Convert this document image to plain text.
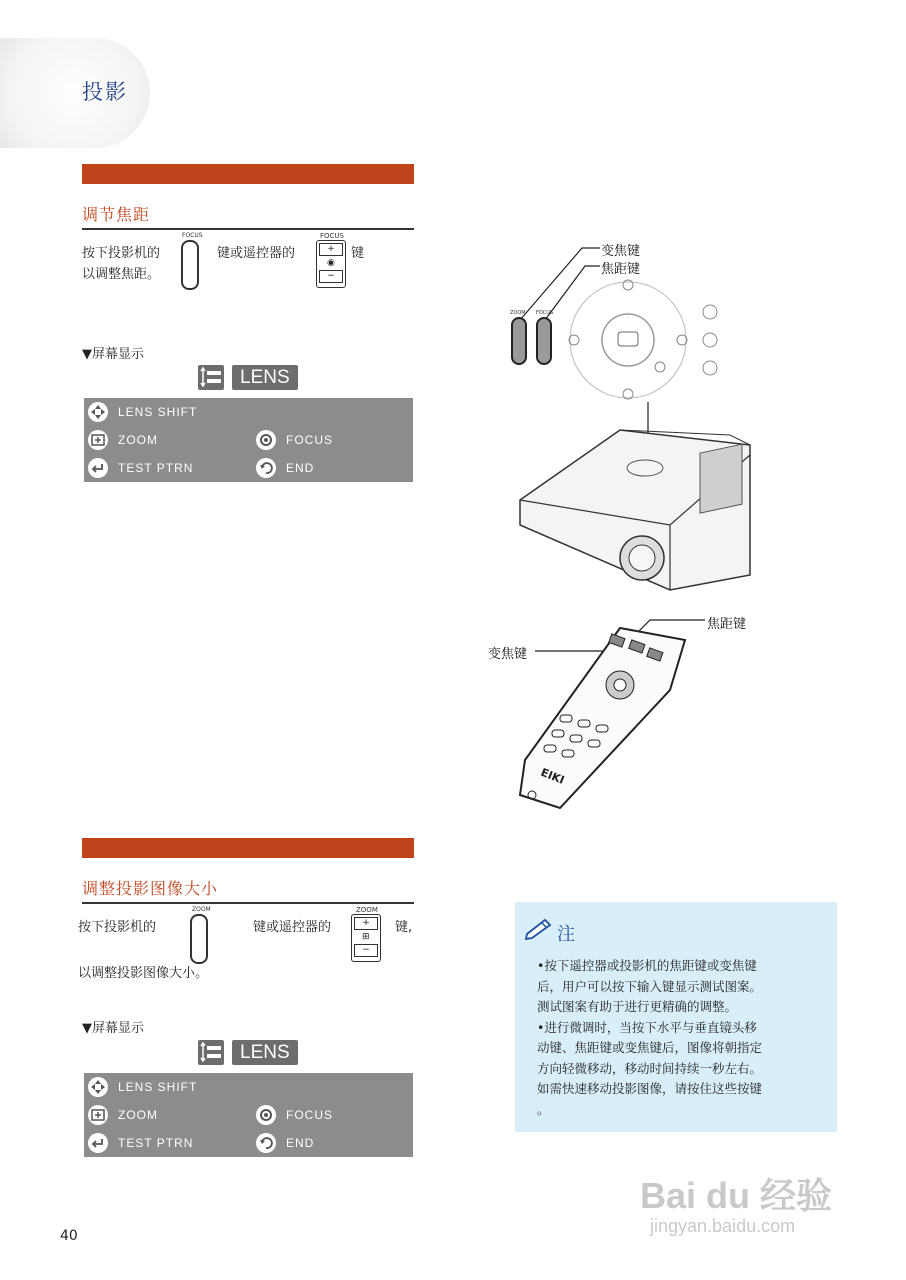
投影
调节焦距
按下投影机的
以调整焦距。
FOCUS
键或遥控器的
FOCUS
+
◉
−
键
▼屏幕显示
LENS
LENS SHIFT
ZOOM	FOCUS
TEST PTRN	END
变焦键
焦距键
ZOOM FOCUS
焦距键
变焦键
EIKI
调整投影图像大小
按下投影机的
ZOOM
键或遥控器的
ZOOM
+
⊞
−
键,
以调整投影图像大小。
▼屏幕显示
LENS
LENS SHIFT
ZOOM	FOCUS
TEST PTRN	END
注
•按下遥控器或投影机的焦距键或变焦键
后，用户可以按下输入键显示测试图案。
测试图案有助于进行更精确的调整。
•进行微调时，当按下水平与垂直镜头移
动键、焦距键或变焦键后，图像将朝指定
方向轻微移动，移动时间持续一秒左右。
如需快速移动投影图像，请按住这些按键
。
40
Bai du 经验
jingyan.baidu.com
